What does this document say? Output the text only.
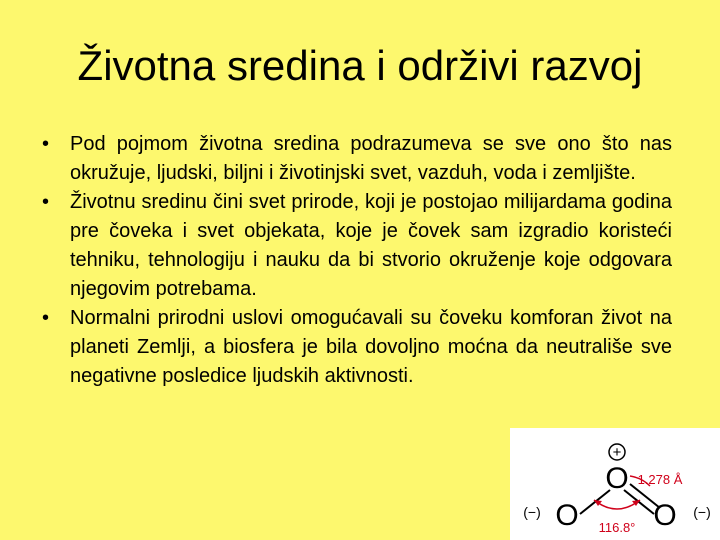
Životna sredina i održivi razvoj
• Pod pojmom životna sredina podrazumeva se sve ono što nas okružuje, ljudski, biljni i životinjski svet, vazduh, voda i zemljište.
• Životnu sredinu čini svet prirode, koji je postojao milijardama godina pre čoveka i svet objekata, koje je čovek sam izgradio koristeći tehniku, tehnologiju i nauku da bi stvorio okruženje koje odgovara njegovim potrebama.
• Normalni prirodni uslovi omogućavali su čoveku komforan život na planeti Zemlji, a biosfera je bila dovoljno moćna da neutrališe sve negativne posledice ljudskih aktivnosti.
O
O O
+
(−)	(−)
1.278 Å
116.8°
